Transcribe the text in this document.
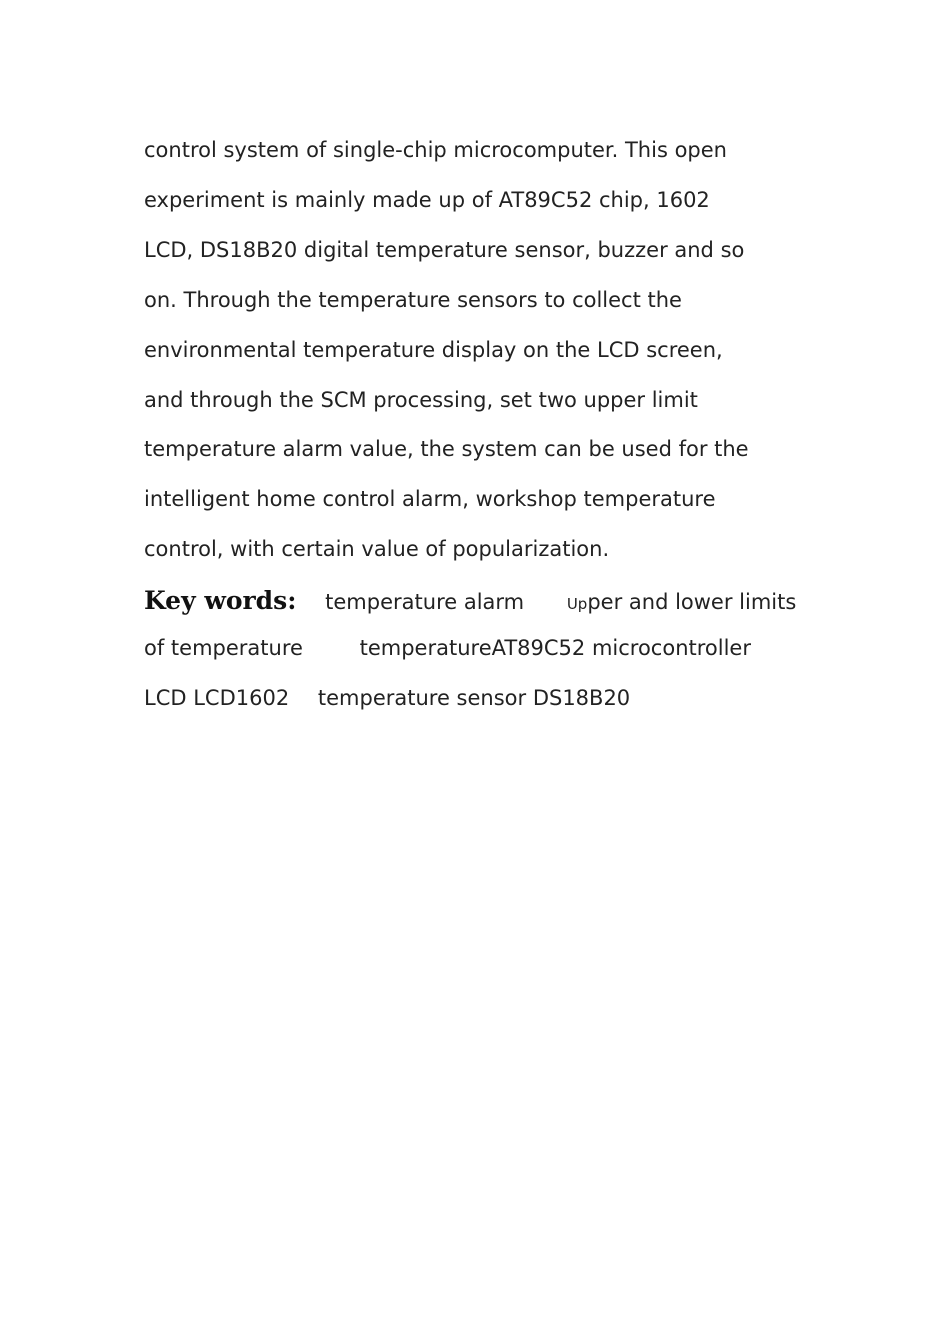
control system of single-chip microcomputer. This open

experiment is mainly made up of AT89C52 chip, 1602

LCD, DS18B20 digital temperature sensor, buzzer and so

on. Through the temperature sensors to collect the

environmental temperature display on the LCD screen,

and through the SCM processing, set two upper limit

temperature alarm value, the system can be used for the

intelligent home control alarm, workshop temperature

control, with certain value of popularization.

Key words: temperature alarm	Upper and lower limits

of temperature	temperatureAT89C52 microcontroller

LCD LCD1602 temperature sensor DS18B20
